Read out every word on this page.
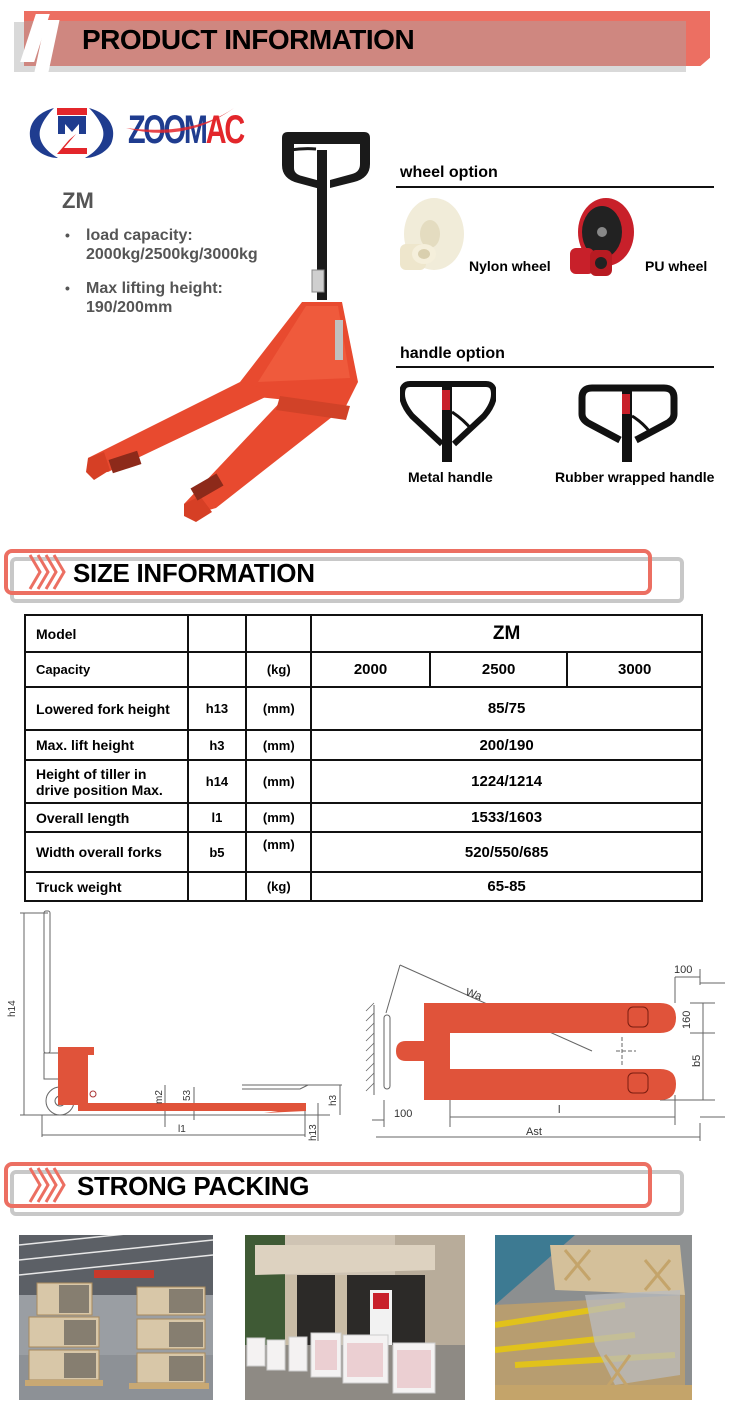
PRODUCT INFORMATION
ZOOMAC
ZM
• load capacity:
2000kg/2500kg/3000kg
• Max lifting height:
190/200mm
wheel option
Nylon wheel	PU wheel
handle option
Metal handle	Rubber wrapped handle
SIZE INFORMATION
Model			ZM		
Capacity		(kg)	2000	2500	3000
Lowered fork height	h13	(mm)	85/75		
Max. lift height	h3	(mm)	200/190		
Height of tiller in drive position Max.	h14	(mm)	1224/1214		
Overall length	l1	(mm)	1533/1603		
Width overall forks	b5	(mm)	520/550/685		
Truck weight		(kg)	65-85		
h14
m2 53	h3
l1	h13
Wa
100
160
b5
100	l
Ast
STRONG PACKING
